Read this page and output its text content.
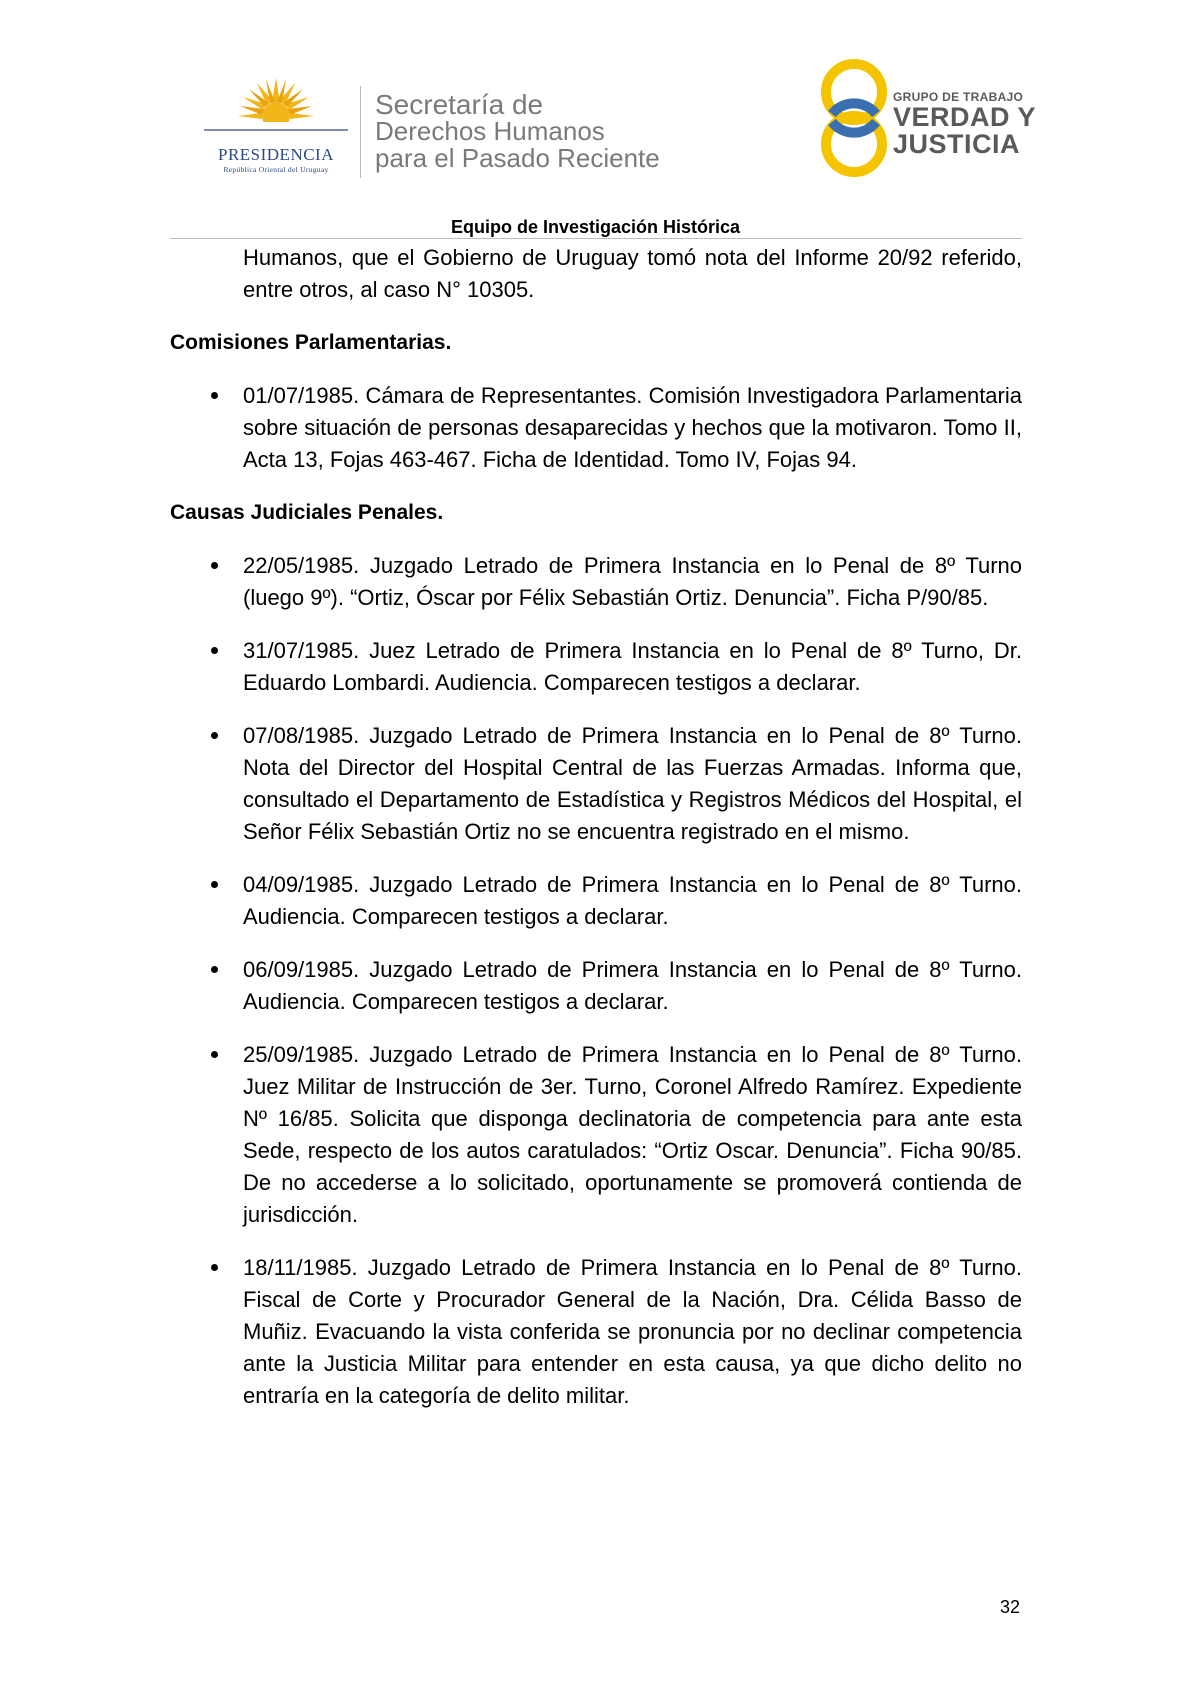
PRESIDENCIA
República Oriental del Uruguay
Secretaría de
Derechos Humanos
para el Pasado Reciente
GRUPO DE TRABAJO
VERDAD Y
JUSTICIA
Equipo de Investigación Histórica

Humanos, que el Gobierno de Uruguay tomó nota del Informe 20/92 referido, entre otros, al caso N° 10305.

Comisiones Parlamentarias.

01/07/1985. Cámara de Representantes. Comisión Investigadora Parlamentaria sobre situación de personas desaparecidas y hechos que la motivaron. Tomo II, Acta 13, Fojas 463-467. Ficha de Identidad. Tomo IV, Fojas 94.

Causas Judiciales Penales.

22/05/1985. Juzgado Letrado de Primera Instancia en lo Penal de 8º Turno (luego 9º). “Ortiz, Óscar por Félix Sebastián Ortiz. Denuncia”. Ficha P/90/85.

31/07/1985. Juez Letrado de Primera Instancia en lo Penal de 8º Turno, Dr. Eduardo Lombardi. Audiencia. Comparecen testigos a declarar.

07/08/1985. Juzgado Letrado de Primera Instancia en lo Penal de 8º Turno. Nota del Director del Hospital Central de las Fuerzas Armadas. Informa que, consultado el Departamento de Estadística y Registros Médicos del Hospital, el Señor Félix Sebastián Ortiz no se encuentra registrado en el mismo.

04/09/1985. Juzgado Letrado de Primera Instancia en lo Penal de 8º Turno. Audiencia. Comparecen testigos a declarar.

06/09/1985. Juzgado Letrado de Primera Instancia en lo Penal de 8º Turno. Audiencia. Comparecen testigos a declarar.

25/09/1985. Juzgado Letrado de Primera Instancia en lo Penal de 8º Turno. Juez Militar de Instrucción de 3er. Turno, Coronel Alfredo Ramírez. Expediente Nº 16/85. Solicita que disponga declinatoria de competencia para ante esta Sede, respecto de los autos caratulados: “Ortiz Oscar. Denuncia”. Ficha 90/85. De no accederse a lo solicitado, oportunamente se promoverá contienda de jurisdicción.

18/11/1985. Juzgado Letrado de Primera Instancia en lo Penal de 8º Turno. Fiscal de Corte y Procurador General de la Nación, Dra. Célida Basso de Muñiz. Evacuando la vista conferida se pronuncia por no declinar competencia ante la Justicia Militar para entender en esta causa, ya que dicho delito no entraría en la categoría de delito militar.

32
